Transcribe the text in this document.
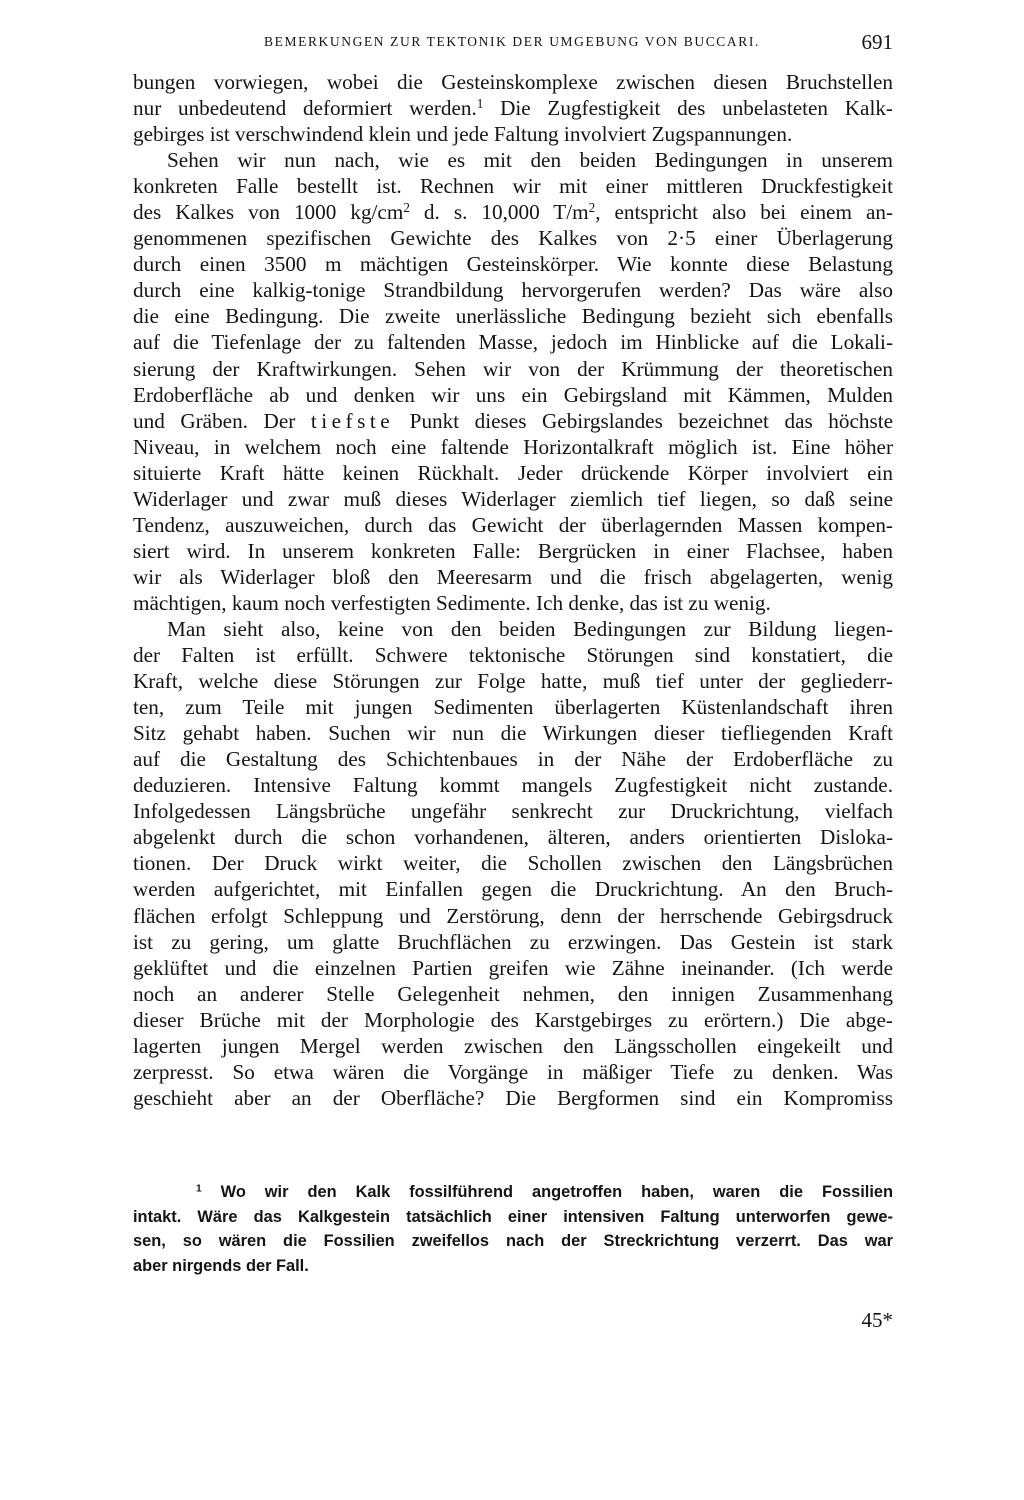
BEMERKUNGEN ZUR TEKTONIK DER UMGEBUNG VON BUCCARI.	691
bungen vorwiegen, wobei die Gesteinskomplexe zwischen diesen Bruchstellen
nur unbedeutend deformiert werden.$^1$ Die Zugfestigkeit des unbelasteten Kalk-
gebirges ist verschwindend klein und jede Faltung involviert Zugspannungen.
Sehen wir nun nach, wie es mit den beiden Bedingungen in unserem
konkreten Falle bestellt ist. Rechnen wir mit einer mittleren Druckfestigkeit
des Kalkes von 1000 $kg/cm^2$ d. s. 10,000 $T/m^2$, entspricht also bei einem an-
genommenen spezifischen Gewichte des Kalkes von 2·5 einer Überlagerung
durch einen 3500 m mächtigen Gesteinskörper. Wie konnte diese Belastung
durch eine kalkig-tonige Strandbildung hervorgerufen werden? Das wäre also
die eine Bedingung. Die zweite unerlässliche Bedingung bezieht sich ebenfalls
auf die Tiefenlage der zu faltenden Masse, jedoch im Hinblicke auf die Lokali-
sierung der Kraftwirkungen. Sehen wir von der Krümmung der theoretischen
Erdoberfläche ab und denken wir uns ein Gebirgsland mit Kämmen, Mulden
und Gräben. Der tiefste Punkt dieses Gebirgslandes bezeichnet das höchste
Niveau, in welchem noch eine faltende Horizontalkraft möglich ist. Eine höher
situierte Kraft hätte keinen Rückhalt. Jeder drückende Körper involviert ein
Widerlager und zwar muß dieses Widerlager ziemlich tief liegen, so daß seine
Tendenz, auszuweichen, durch das Gewicht der überlagernden Massen kompen-
siert wird. In unserem konkreten Falle: Bergrücken in einer Flachsee, haben
wir als Widerlager bloß den Meeresarm und die frisch abgelagerten, wenig
mächtigen, kaum noch verfestigten Sedimente. Ich denke, das ist zu wenig.
Man sieht also, keine von den beiden Bedingungen zur Bildung liegen-
der Falten ist erfüllt. Schwere tektonische Störungen sind konstatiert, die
Kraft, welche diese Störungen zur Folge hatte, muß tief unter der gegliederr-
ten, zum Teile mit jungen Sedimenten überlagerten Küstenlandschaft ihren
Sitz gehabt haben. Suchen wir nun die Wirkungen dieser tiefliegenden Kraft
auf die Gestaltung des Schichtenbaues in der Nähe der Erdoberfläche zu
deduzieren. Intensive Faltung kommt mangels Zugfestigkeit nicht zustande.
Infolgedessen Längsbrüche ungefähr senkrecht zur Druckrichtung, vielfach
abgelenkt durch die schon vorhandenen, älteren, anders orientierten Disloka-
tionen. Der Druck wirkt weiter, die Schollen zwischen den Längsbrüchen
werden aufgerichtet, mit Einfallen gegen die Druckrichtung. An den Bruch-
flächen erfolgt Schleppung und Zerstörung, denn der herrschende Gebirgsdruck
ist zu gering, um glatte Bruchflächen zu erzwingen. Das Gestein ist stark
geklüftet und die einzelnen Partien greifen wie Zähne ineinander. (Ich werde
noch an anderer Stelle Gelegenheit nehmen, den innigen Zusammenhang
dieser Brüche mit der Morphologie des Karstgebirges zu erörtern.) Die abge-
lagerten jungen Mergel werden zwischen den Längsschollen eingekeilt und
zerpresst. So etwa wären die Vorgänge in mäßiger Tiefe zu denken. Was
geschieht aber an der Oberfläche? Die Bergformen sind ein Kompromiss
$^1$ Wo wir den Kalk fossilführend angetroffen haben, waren die Fossilien
intakt. Wäre das Kalkgestein tatsächlich einer intensiven Faltung unterworfen gewe-
sen, so wären die Fossilien zweifellos nach der Streckrichtung verzerrt. Das war
aber nirgends der Fall.
45*
